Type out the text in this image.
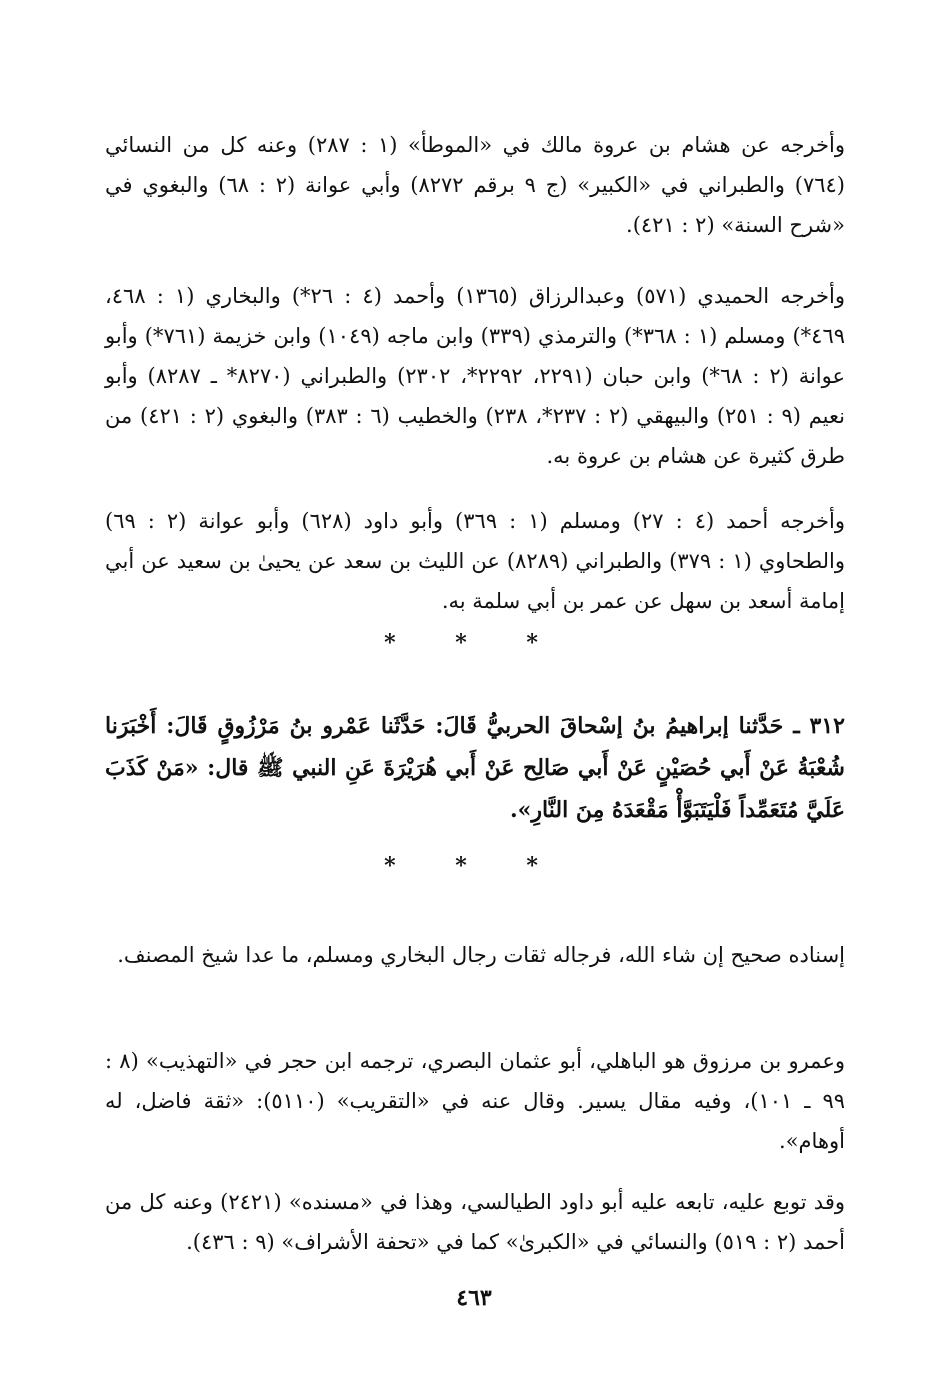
وأخرجه عن هشام بن عروة مالك في «الموطأ» (١ : ٢٨٧) وعنه كل من النسائي (٧٦٤) والطبراني في «الكبير» (ج ٩ برقم ٨٢٧٢) وأبي عوانة (٢ : ٦٨) والبغوي في «شرح السنة» (٢ : ٤٢١).

وأخرجه الحميدي (٥٧١) وعبدالرزاق (١٣٦٥) وأحمد (٤ : ٢٦*) والبخاري (١ : ٤٦٨، ٤٦٩*) ومسلم (١ : ٣٦٨*) والترمذي (٣٣٩) وابن ماجه (١٠٤٩) وابن خزيمة (٧٦١*) وأبو عوانة (٢ : ٦٨*) وابن حبان (٢٢٩١، ٢٢٩٢*، ٢٣٠٢) والطبراني (٨٢٧٠* ـ ٨٢٨٧) وأبو نعيم (٩ : ٢٥١) والبيهقي (٢ : ٢٣٧*، ٢٣٨) والخطيب (٦ : ٣٨٣) والبغوي (٢ : ٤٢١) من طرق كثيرة عن هشام بن عروة به.

وأخرجه أحمد (٤ : ٢٧) ومسلم (١ : ٣٦٩) وأبو داود (٦٢٨) وأبو عوانة (٢ : ٦٩) والطحاوي (١ : ٣٧٩) والطبراني (٨٢٨٩) عن الليث بن سعد عن يحيىٰ بن سعيد عن أبي إمامة أسعد بن سهل عن عمر بن أبي سلمة به.

* * *

٣١٢ ـ حَدَّثنا إبراهيمُ بنُ إسْحاقَ الحربيُّ قَالَ: حَدَّثَنا عَمْرو بنُ مَرْزُوقٍ قَالَ: أَخْبَرَنا شُعْبَةُ عَنْ أَبي حُصَيْنٍ عَنْ أَبي صَالِح عَنْ أَبي هُرَيْرَةَ عَنِ النبي ﷺ قال: «مَنْ كَذَبَ عَلَيَّ مُتَعَمِّداً فَلْيَتَبَوَّأْ مَقْعَدَهُ مِنَ النَّارِ».

* * *

إسناده صحيح إن شاء الله، فرجاله ثقات رجال البخاري ومسلم، ما عدا شيخ المصنف.

وعمرو بن مرزوق هو الباهلي، أبو عثمان البصري، ترجمه ابن حجر في «التهذيب» (٨ : ٩٩ ـ ١٠١)، وفيه مقال يسير. وقال عنه في «التقريب» (٥١١٠): «ثقة فاضل، له أوهام».

وقد توبع عليه، تابعه عليه أبو داود الطيالسي، وهذا في «مسنده» (٢٤٢١) وعنه كل من أحمد (٢ : ٥١٩) والنسائي في «الكبرىٰ» كما في «تحفة الأشراف» (٩ : ٤٣٦).

٤٦٣
